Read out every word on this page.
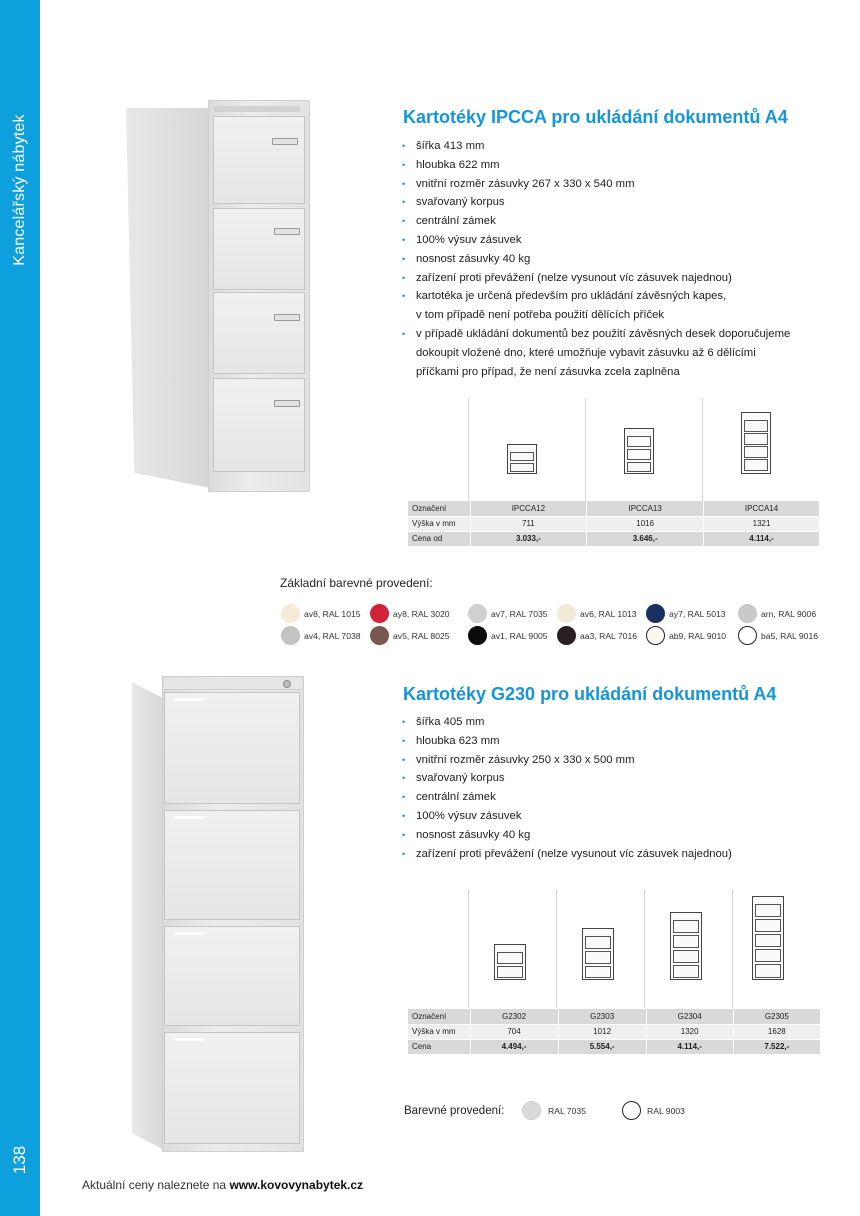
Kancelářský nábytek
138
Kartotéky IPCCA pro ukládání dokumentů A4
• šířka 413 mm
• hloubka 622 mm
• vnitřní rozměr zásuvky 267 x 330 x 540 mm
• svařovaný korpus
• centrální zámek
• 100% výsuv zásuvek
• nosnost zásuvky 40 kg
• zařízení proti převážení (nelze vysunout víc zásuvek najednou)
• kartotéka je určená především pro ukládání závěsných kapes,
v tom případě není potřeba použití dělících příček
• v případě ukládání dokumentů bez použití závěsných desek doporučujeme
dokoupit vložené dno, které umožňuje vybavit zásuvku až 6 dělícími
příčkami pro případ, že není zásuvka zcela zaplněna
Označení	IPCCA12	IPCCA13	IPCCA14
Výška v mm	711	1016	1321
Cena od	3.033,-	3.646,-	4.114,-
Základní barevné provedení:
av8, RAL 1015	ay8, RAL 3020	av7, RAL 7035	av6, RAL 1013	ay7, RAL 5013	arn, RAL 9006
av4, RAL 7038	av5, RAL 8025	av1, RAL 9005	aa3, RAL 7016	ab9, RAL 9010	ba5, RAL 9016
Kartotéky G230 pro ukládání dokumentů A4
• šířka 405 mm
• hloubka 623 mm
• vnitřní rozměr zásuvky 250 x 330 x 500 mm
• svařovaný korpus
• centrální zámek
• 100% výsuv zásuvek
• nosnost zásuvky 40 kg
• zařízení proti převážení (nelze vysunout víc zásuvek najednou)
Označení	G2302	G2303	G2304	G2305
Výška v mm	704	1012	1320	1628
Cena	4.494,-	5.554,-	4.114,-	7.522,-
Barevné provedení:	RAL 7035	RAL 9003
Aktuální ceny naleznete na www.kovovynabytek.cz
